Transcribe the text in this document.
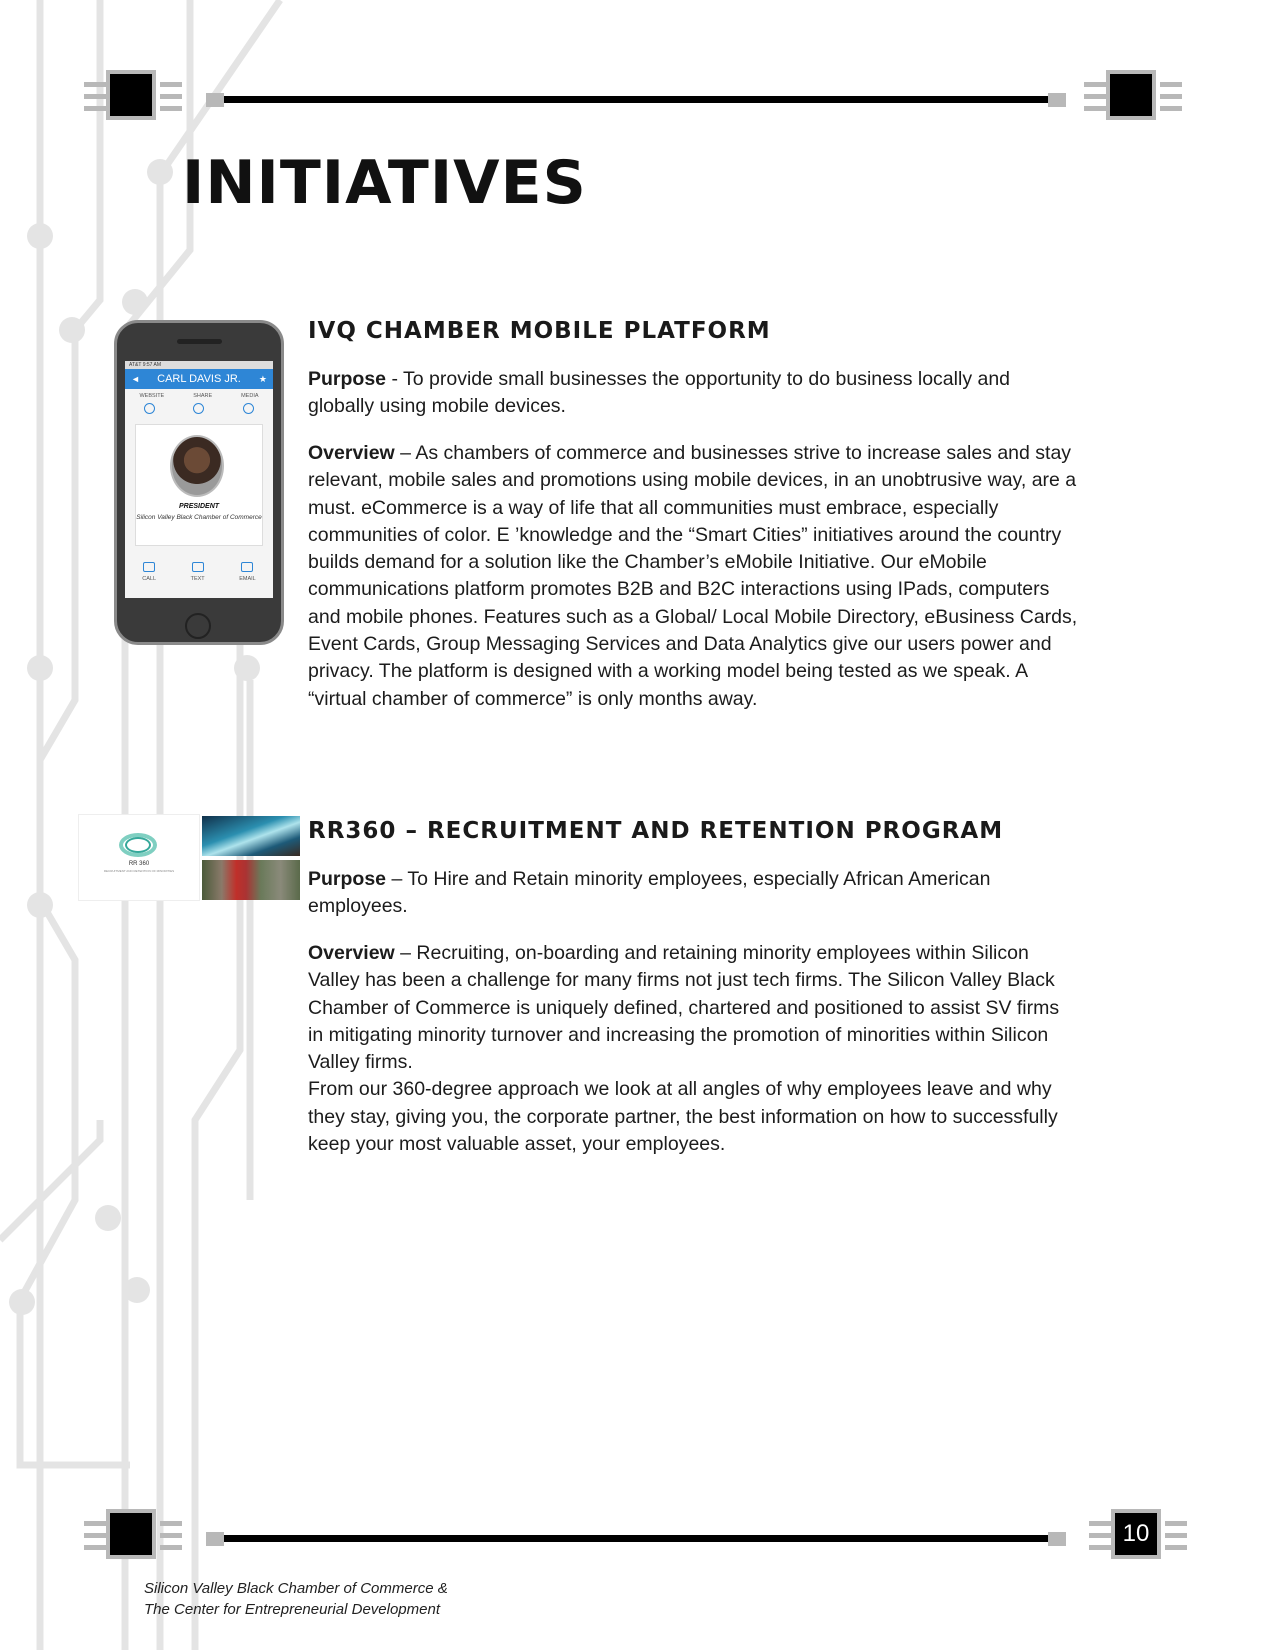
INITIATIVES
AT&T 9:57 AM
◄ CARL DAVIS JR. ★
WEBSITE	SHARE	MEDIA
PRESIDENT
Silicon Valley Black Chamber of Commerce
CALL	TEXT	EMAIL
IVQ CHAMBER MOBILE PLATFORM

Purpose - To provide small businesses the opportunity to do business locally and globally using mobile devices.

Overview – As chambers of commerce and businesses strive to increase sales and stay relevant, mobile sales and promotions using mobile devices, in an unobtrusive way, are a must. eCommerce is a way of life that all communities must embrace, especially communities of color. E ’knowledge and the “Smart Cities” initiatives around the country builds demand for a solution like the Chamber’s eMobile Initiative. Our eMobile communications platform promotes B2B and B2C interactions using IPads, computers and mobile phones. Features such as a Global/ Local Mobile Directory, eBusiness Cards, Event Cards, Group Messaging Services and Data Analytics give our users power and privacy. The platform is designed with a working model being tested as we speak. A “virtual chamber of commerce” is only months away.

RR 360
RECRUITMENT AND RETENTION OF MINORITIES
RR360 – RECRUITMENT AND RETENTION PROGRAM

Purpose – To Hire and Retain minority employees, especially African American employees.

Overview – Recruiting, on-boarding and retaining minority employees within Silicon Valley has been a challenge for many firms not just tech firms. The Silicon Valley Black Chamber of Commerce is uniquely defined, chartered and positioned to assist SV firms in mitigating minority turnover and increasing the promotion of minorities within Silicon Valley firms.
From our 360-degree approach we look at all angles of why employees leave and why they stay, giving you, the corporate partner, the best information on how to successfully keep your most valuable asset, your employees.

10
Silicon Valley Black Chamber of Commerce &
The Center for Entrepreneurial Development
